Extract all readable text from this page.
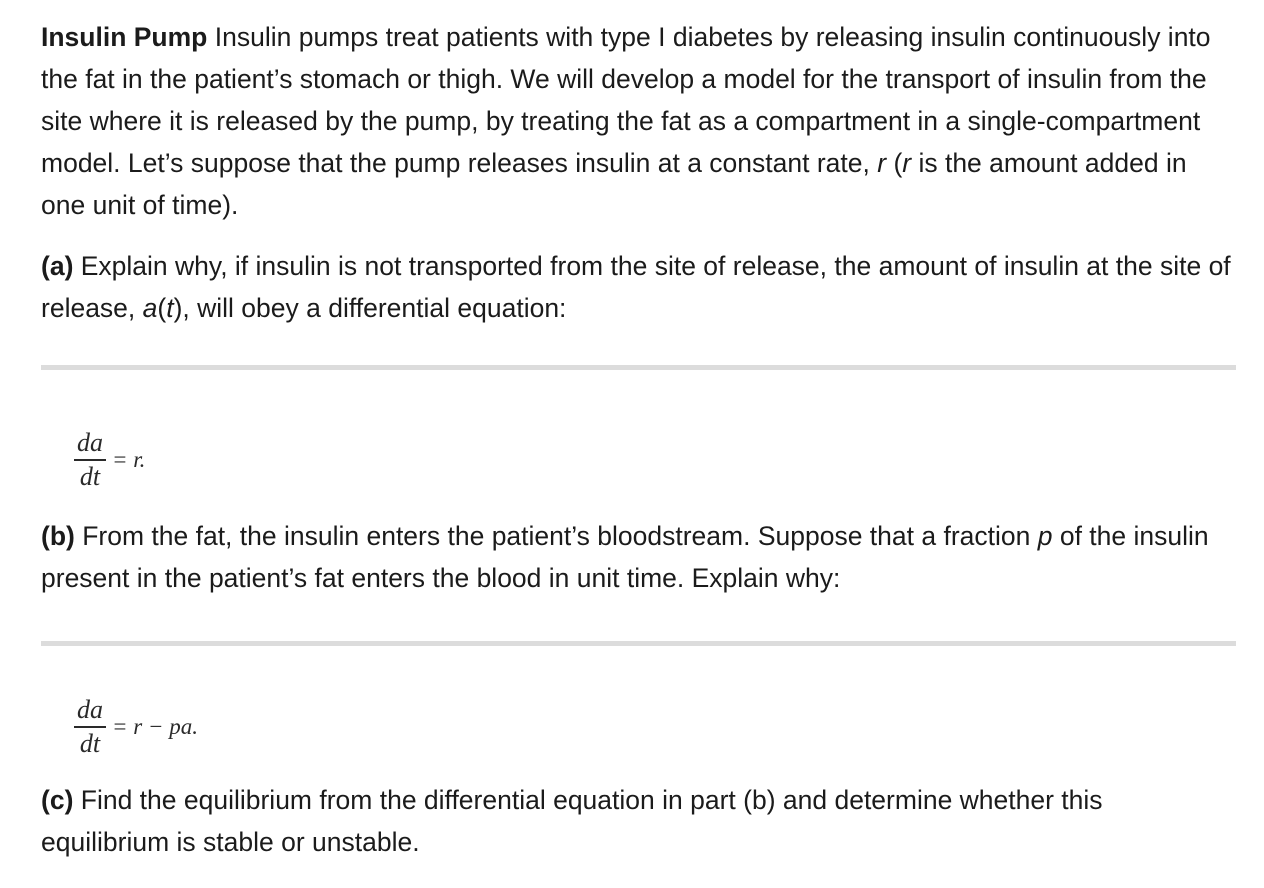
Insulin Pump Insulin pumps treat patients with type I diabetes by releasing insulin continuously into the fat in the patient’s stomach or thigh. We will develop a model for the transport of insulin from the site where it is released by the pump, by treating the fat as a compartment in a single-compartment model. Let’s suppose that the pump releases insulin at a constant rate, r (r is the amount added in one unit of time).

(a) Explain why, if insulin is not transported from the site of release, the amount of insulin at the site of release, a(t), will obey a differential equation:

$\frac{da}{dt} = r$.

(b) From the fat, the insulin enters the patient’s bloodstream. Suppose that a fraction p of the insulin present in the patient’s fat enters the blood in unit time. Explain why:

$\frac{da}{dt} = r$ − pa.

(c) Find the equilibrium from the differential equation in part (b) and determine whether this equilibrium is stable or unstable.
